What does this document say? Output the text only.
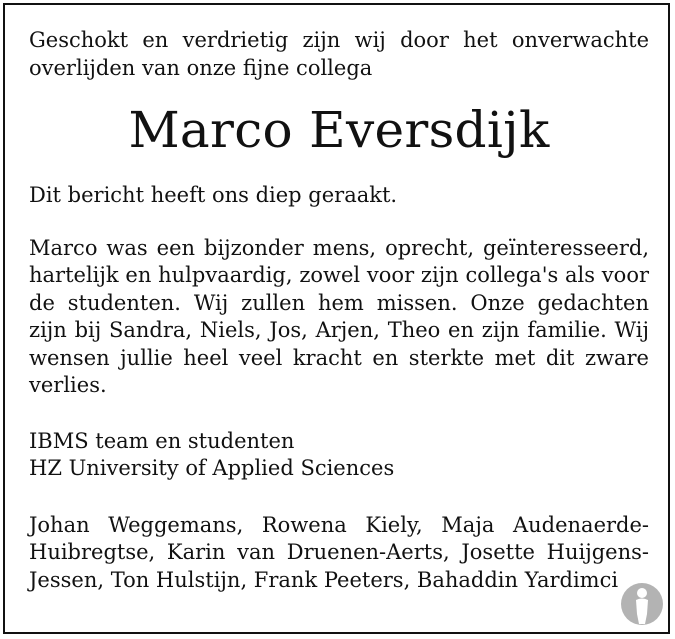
Geschokt en verdrietig zijn wij door het onverwachte overlijden van onze fijne collega

Marco Eversdijk

Dit bericht heeft ons diep geraakt.

Marco was een bijzonder mens, oprecht, geïnteresseerd, hartelijk en hulpvaardig, zowel voor zijn collega's als voor de studenten. Wij zullen hem missen. Onze gedachten zijn bij Sandra, Niels, Jos, Arjen, Theo en zijn familie. Wij wensen jullie heel veel kracht en sterkte met dit zware verlies.

IBMS team en studenten
HZ University of Applied Sciences

Johan Weggemans, Rowena Kiely, Maja Audenaerde-Huibregtse, Karin van Druenen-Aerts, Josette Huijgens-Jessen, Ton Hulstijn, Frank Peeters, Bahaddin Yardimci
